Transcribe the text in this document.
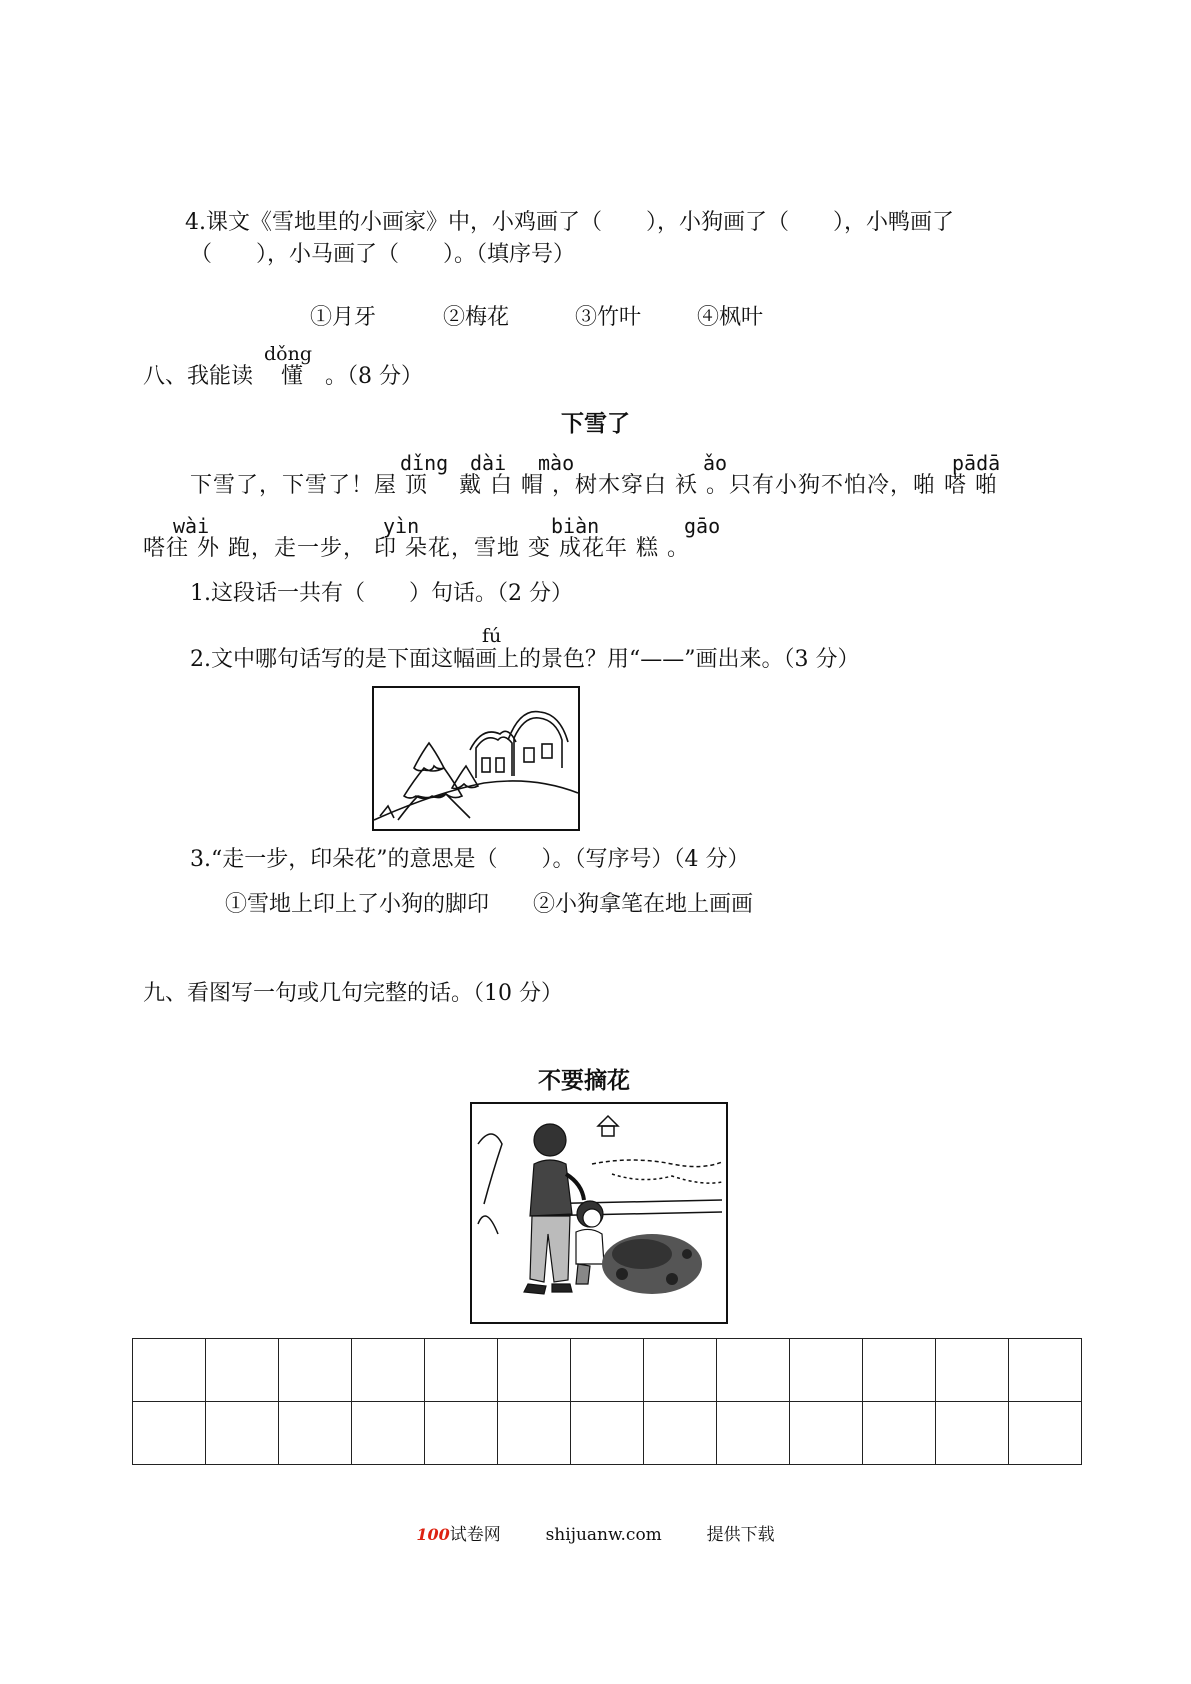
4.课文《雪地里的小画家》中，小鸡画了（　　），小狗画了（　　），小鸭画了
（　　），小马画了（　　）。（填序号）
①月牙	②梅花	③竹叶	④枫叶
八、我能读 懂 。（8 分）
dǒng
下雪了
dǐng dài mào	ǎo	pādā
下雪了，下雪了！屋 顶 　戴 白 帽 ，树木穿白 袄 。只有小狗不怕冷，啪 嗒 啪
wài	yìn	biàn	gāo
嗒往 外 跑，走一步， 印 朵花，雪地 变 成花年 糕 。
1.这段话一共有（　　）句话。（2 分）
fú
2.文中哪句话写的是下面这幅画上的景色？用“——”画出来。（3 分）
3.“走一步，印朵花”的意思是（　　）。（写序号）（4 分）
①雪地上印上了小狗的脚印　　②小狗拿笔在地上画画
九、看图写一句或几句完整的话。（10 分）
不要摘花

100试卷网	shijuanw.com	提供下载
